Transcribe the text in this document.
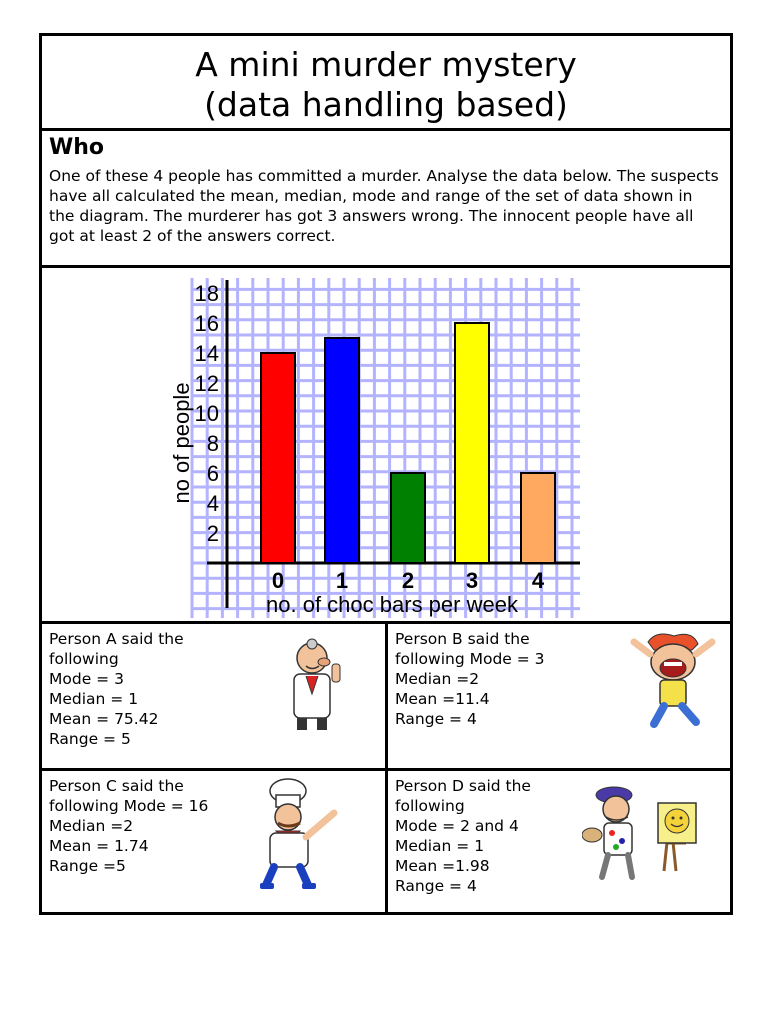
A mini murder mystery
(data handling based)
Who

One of these 4 people has committed a murder. Analyse the data below. The suspects have all calculated the mean, median, mode and range of the set of data shown in the diagram. The murderer has got 3 answers wrong. The innocent people have all got at least 2 of the answers correct.

2
4
6
8
10
12
14
16
18
0 1 2 3 4
no. of choc bars per week
no of people
Person A said the
following
Mode = 3
Median = 1
Mean = 75.42
Range = 5
Person B said the
following Mode = 3
Median =2
Mean =11.4
Range = 4
Person C said the
following Mode = 16
Median =2
Mean = 1.74
Range =5
Person D said the
following
Mode = 2 and 4
Median = 1
Mean =1.98
Range = 4
